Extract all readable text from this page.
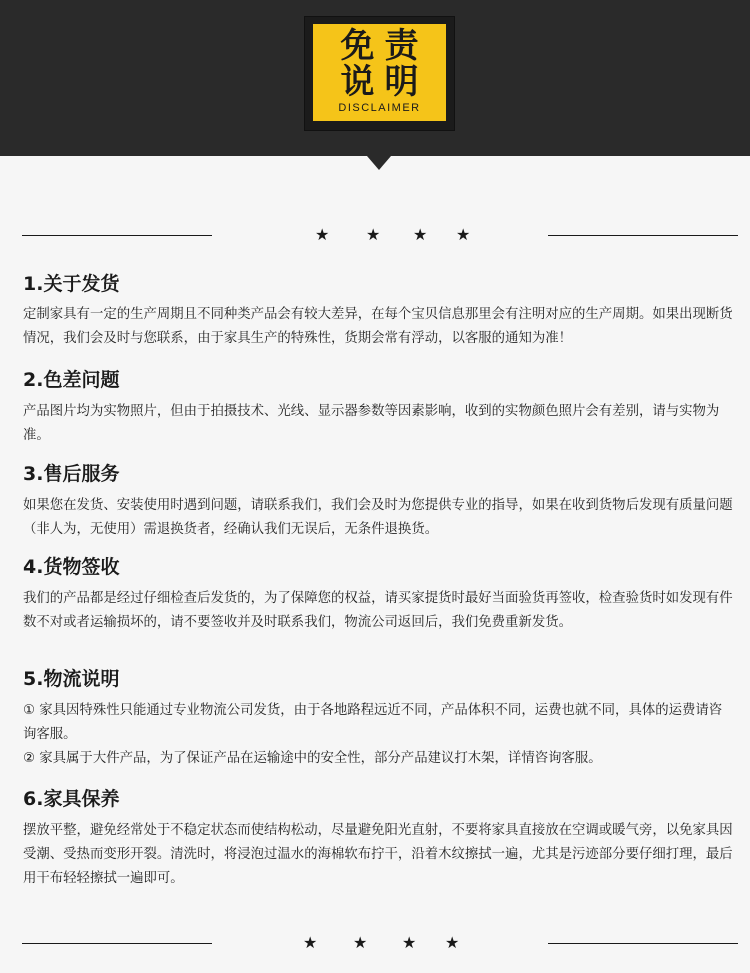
免责
说明
DISCLAIMER
★ ★ ★ ★
1.关于发货
定制家具有一定的生产周期且不同种类产品会有较大差异，在每个宝贝信息那里会有注明对应的生产周期。如果出现断货情况，我们会及时与您联系，由于家具生产的特殊性，货期会常有浮动，以客服的通知为准！
2.色差问题
产品图片均为实物照片，但由于拍摄技术、光线、显示器参数等因素影响，收到的实物颜色照片会有差别，请与实物为准。
3.售后服务
如果您在发货、安装使用时遇到问题，请联系我们，我们会及时为您提供专业的指导，如果在收到货物后发现有质量问题（非人为，无使用）需退换货者，经确认我们无误后，无条件退换货。
4.货物签收
我们的产品都是经过仔细检查后发货的，为了保障您的权益，请买家提货时最好当面验货再签收，检查验货时如发现有件数不对或者运输损坏的，请不要签收并及时联系我们，物流公司返回后，我们免费重新发货。
5.物流说明
① 家具因特殊性只能通过专业物流公司发货，由于各地路程远近不同，产品体积不同，运费也就不同，具体的运费请咨询客服。
② 家具属于大件产品，为了保证产品在运输途中的安全性，部分产品建议打木架，详情咨询客服。
6.家具保养
摆放平整，避免经常处于不稳定状态而使结构松动，尽量避免阳光直射，不要将家具直接放在空调或暖气旁，以免家具因受潮、受热而变形开裂。清洗时，将浸泡过温水的海棉软布拧干，沿着木纹擦拭一遍，尤其是污迹部分要仔细打理，最后用干布轻轻擦拭一遍即可。
★ ★ ★ ★
